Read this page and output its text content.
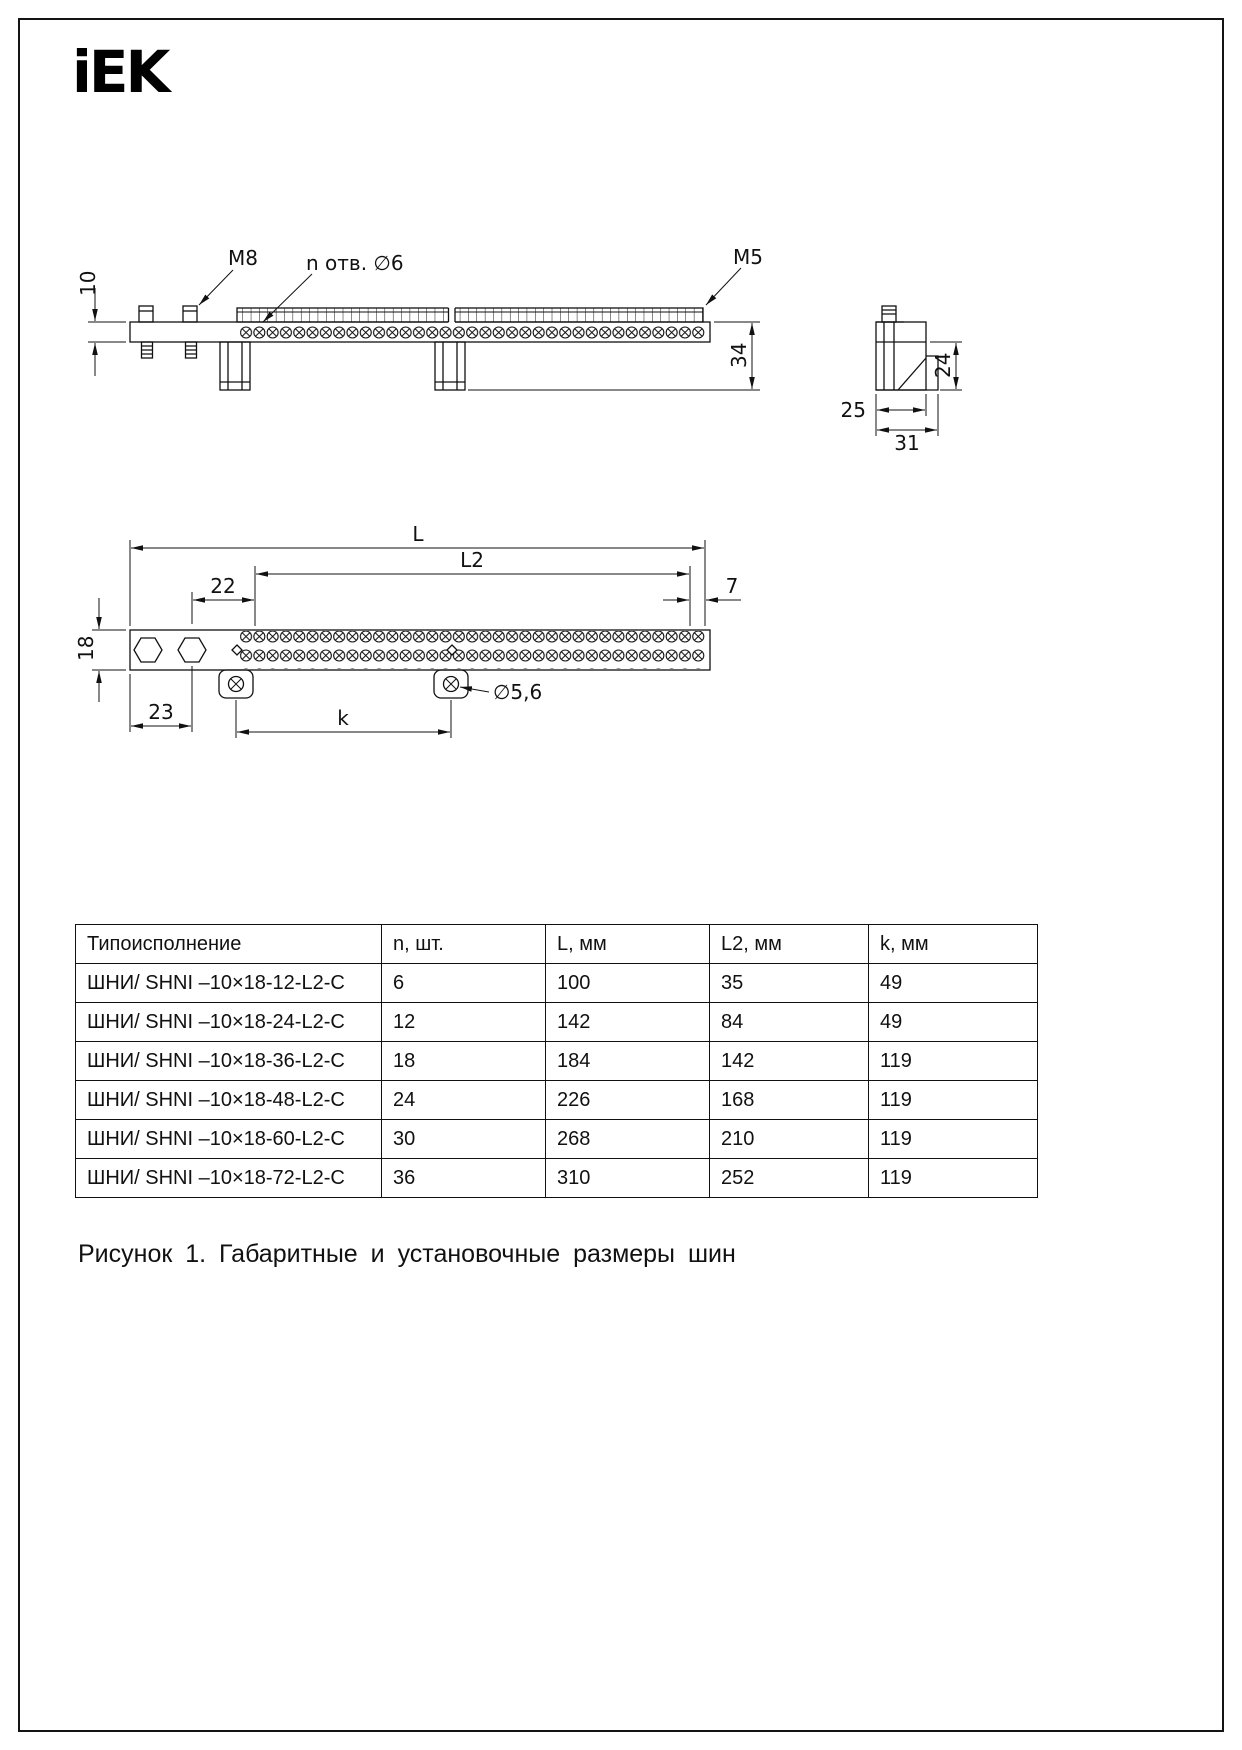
iEK
M8 n отв. ∅6	M5
10
34	24
25
31
L
L2
22	7
18
23	k
∅5,6
Типоисполнение	n, шт.	L, мм	L2, мм	k, мм
ШНИ/ SHNI –10×18-12-L2-C	6	100	35	49
ШНИ/ SHNI –10×18-24-L2-C	12	142	84	49
ШНИ/ SHNI –10×18-36-L2-C	18	184	142	119
ШНИ/ SHNI –10×18-48-L2-C	24	226	168	119
ШНИ/ SHNI –10×18-60-L2-C	30	268	210	119
ШНИ/ SHNI –10×18-72-L2-C	36	310	252	119
Рисунок 1. Габаритные и установочные размеры шин
